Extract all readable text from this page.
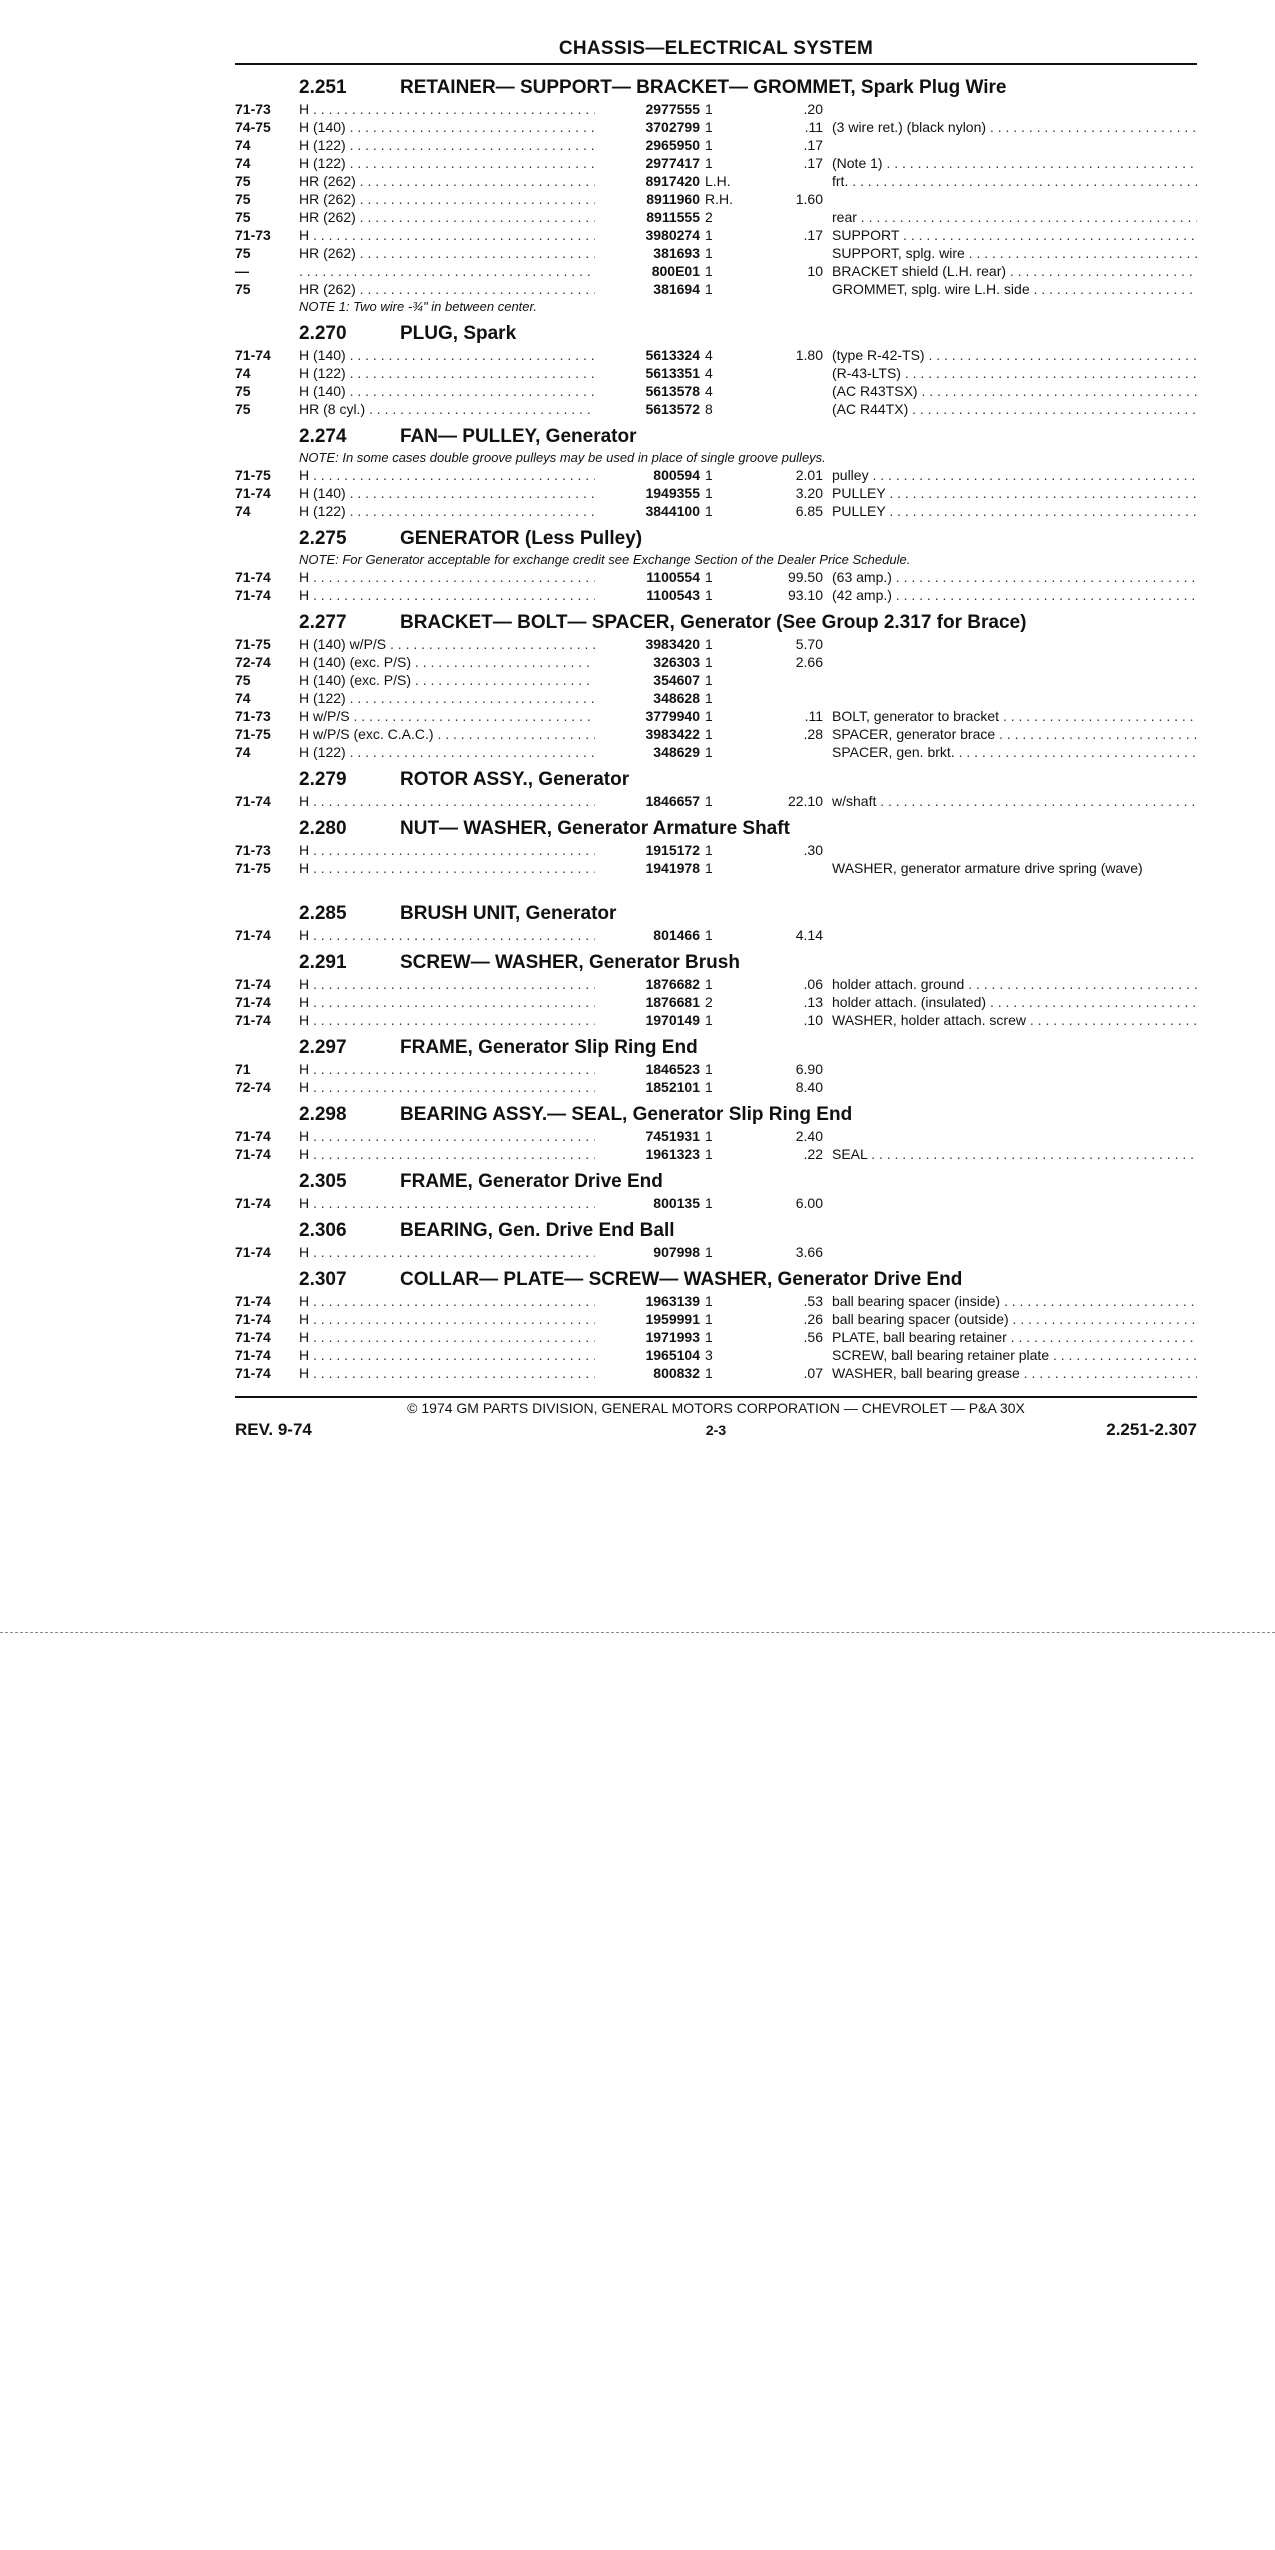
CHASSIS—ELECTRICAL SYSTEM
2.251	RETAINER— SUPPORT— BRACKET— GROMMET, Spark Plug Wire
71-73	H . . .	2977555 1	.20
74-75	H (140) . . .	3702799 1	.11 (3 wire ret.) (black nylon) . . .
74	H (122) . . .	2965950 1	.17
74	H (122) . . .	2977417 1	.17 (Note 1) . . .
75	HR (262) . . .	8917420 L.H.	frt. . . .
75	HR (262) . . .	8911960 R.H.	1.60
75	HR (262) . . .	8911555 2	rear . . .
71-73	H . . .	3980274 1	.17 SUPPORT . . .
75	HR (262) . . .	381693 1	SUPPORT, splg. wire . . .
—
. . .	800E01 1	10 BRACKET shield (L.H. rear) . . .
75	HR (262) . . .	381694 1	GROMMET, splg. wire L.H. side . . .
NOTE 1: Two wire -¾" in between center.
2.270	PLUG, Spark
71-74	H (140) . . .	5613324 4	1.80 (type R-42-TS) . . .
74	H (122) . . .	5613351 4	(R-43-LTS) . . .
75	H (140) . . .	5613578 4	(AC R43TSX) . . .
75	HR (8 cyl.) . . .	5613572 8	(AC R44TX) . . .
2.274	FAN— PULLEY, Generator
NOTE: In some cases double groove pulleys may be used in place of single groove pulleys.
71-75	H . . .	800594 1	2.01 pulley . . .
71-74	H (140) . . .	1949355 1	3.20 PULLEY . . .
74	H (122) . . .	3844100 1	6.85 PULLEY . . .
2.275	GENERATOR (Less Pulley)
NOTE: For Generator acceptable for exchange credit see Exchange Section of the Dealer Price Schedule.
71-74	H . . .	1100554 1	99.50 (63 amp.) . . .
71-74	H . . .	1100543 1	93.10 (42 amp.) . . .
2.277	BRACKET— BOLT— SPACER, Generator (See Group 2.317 for Brace)
71-75	H (140) w/P/S . . .	3983420 1	5.70
72-74	H (140) (exc. P/S) . . .	326303 1	2.66
75	H (140) (exc. P/S) . . .	354607 1
74	H (122) . . .	348628 1
71-73	H w/P/S . . .	3779940 1	.11 BOLT, generator to bracket . . .
71-75	H w/P/S (exc. C.A.C.) . . .	3983422 1	.28 SPACER, generator brace . . .
74	H (122) . . .	348629 1	SPACER, gen. brkt. . . .
2.279	ROTOR ASSY., Generator
71-74	H . . .	1846657 1	22.10 w/shaft . . .
2.280	NUT— WASHER, Generator Armature Shaft
71-73	H . . .	1915172 1	.30
71-75	H . . .	1941978 1	WASHER, generator armature drive spring (wave)
2.285	BRUSH UNIT, Generator
71-74	H . . .	801466 1	4.14
2.291	SCREW— WASHER, Generator Brush
71-74	H . . .	1876682 1	.06 holder attach. ground . . .
71-74	H . . .	1876681 2	.13 holder attach. (insulated) . . .
71-74	H . . .	1970149 1	.10 WASHER, holder attach. screw . . .
2.297	FRAME, Generator Slip Ring End
71	H . . .	1846523 1	6.90
72-74	H . . .	1852101 1	8.40
2.298	BEARING ASSY.— SEAL, Generator Slip Ring End
71-74	H . . .	7451931 1	2.40
71-74	H . . .	1961323 1	.22 SEAL . . .
2.305	FRAME, Generator Drive End
71-74	H . . .	800135 1	6.00
2.306	BEARING, Gen. Drive End Ball
71-74	H . . .	907998 1	3.66
2.307	COLLAR— PLATE— SCREW— WASHER, Generator Drive End
71-74	H . . .	1963139 1	.53 ball bearing spacer (inside) . . .
71-74	H . . .	1959991 1	.26 ball bearing spacer (outside) . . .
71-74	H . . .	1971993 1	.56 PLATE, ball bearing retainer . . .
71-74	H . . .	1965104 3	SCREW, ball bearing retainer plate . . .
71-74	H . . .	800832 1	.07 WASHER, ball bearing grease . . .
© 1974 GM PARTS DIVISION, GENERAL MOTORS CORPORATION — CHEVROLET — P&A 30X
REV. 9-74	2-3	2.251-2.307
